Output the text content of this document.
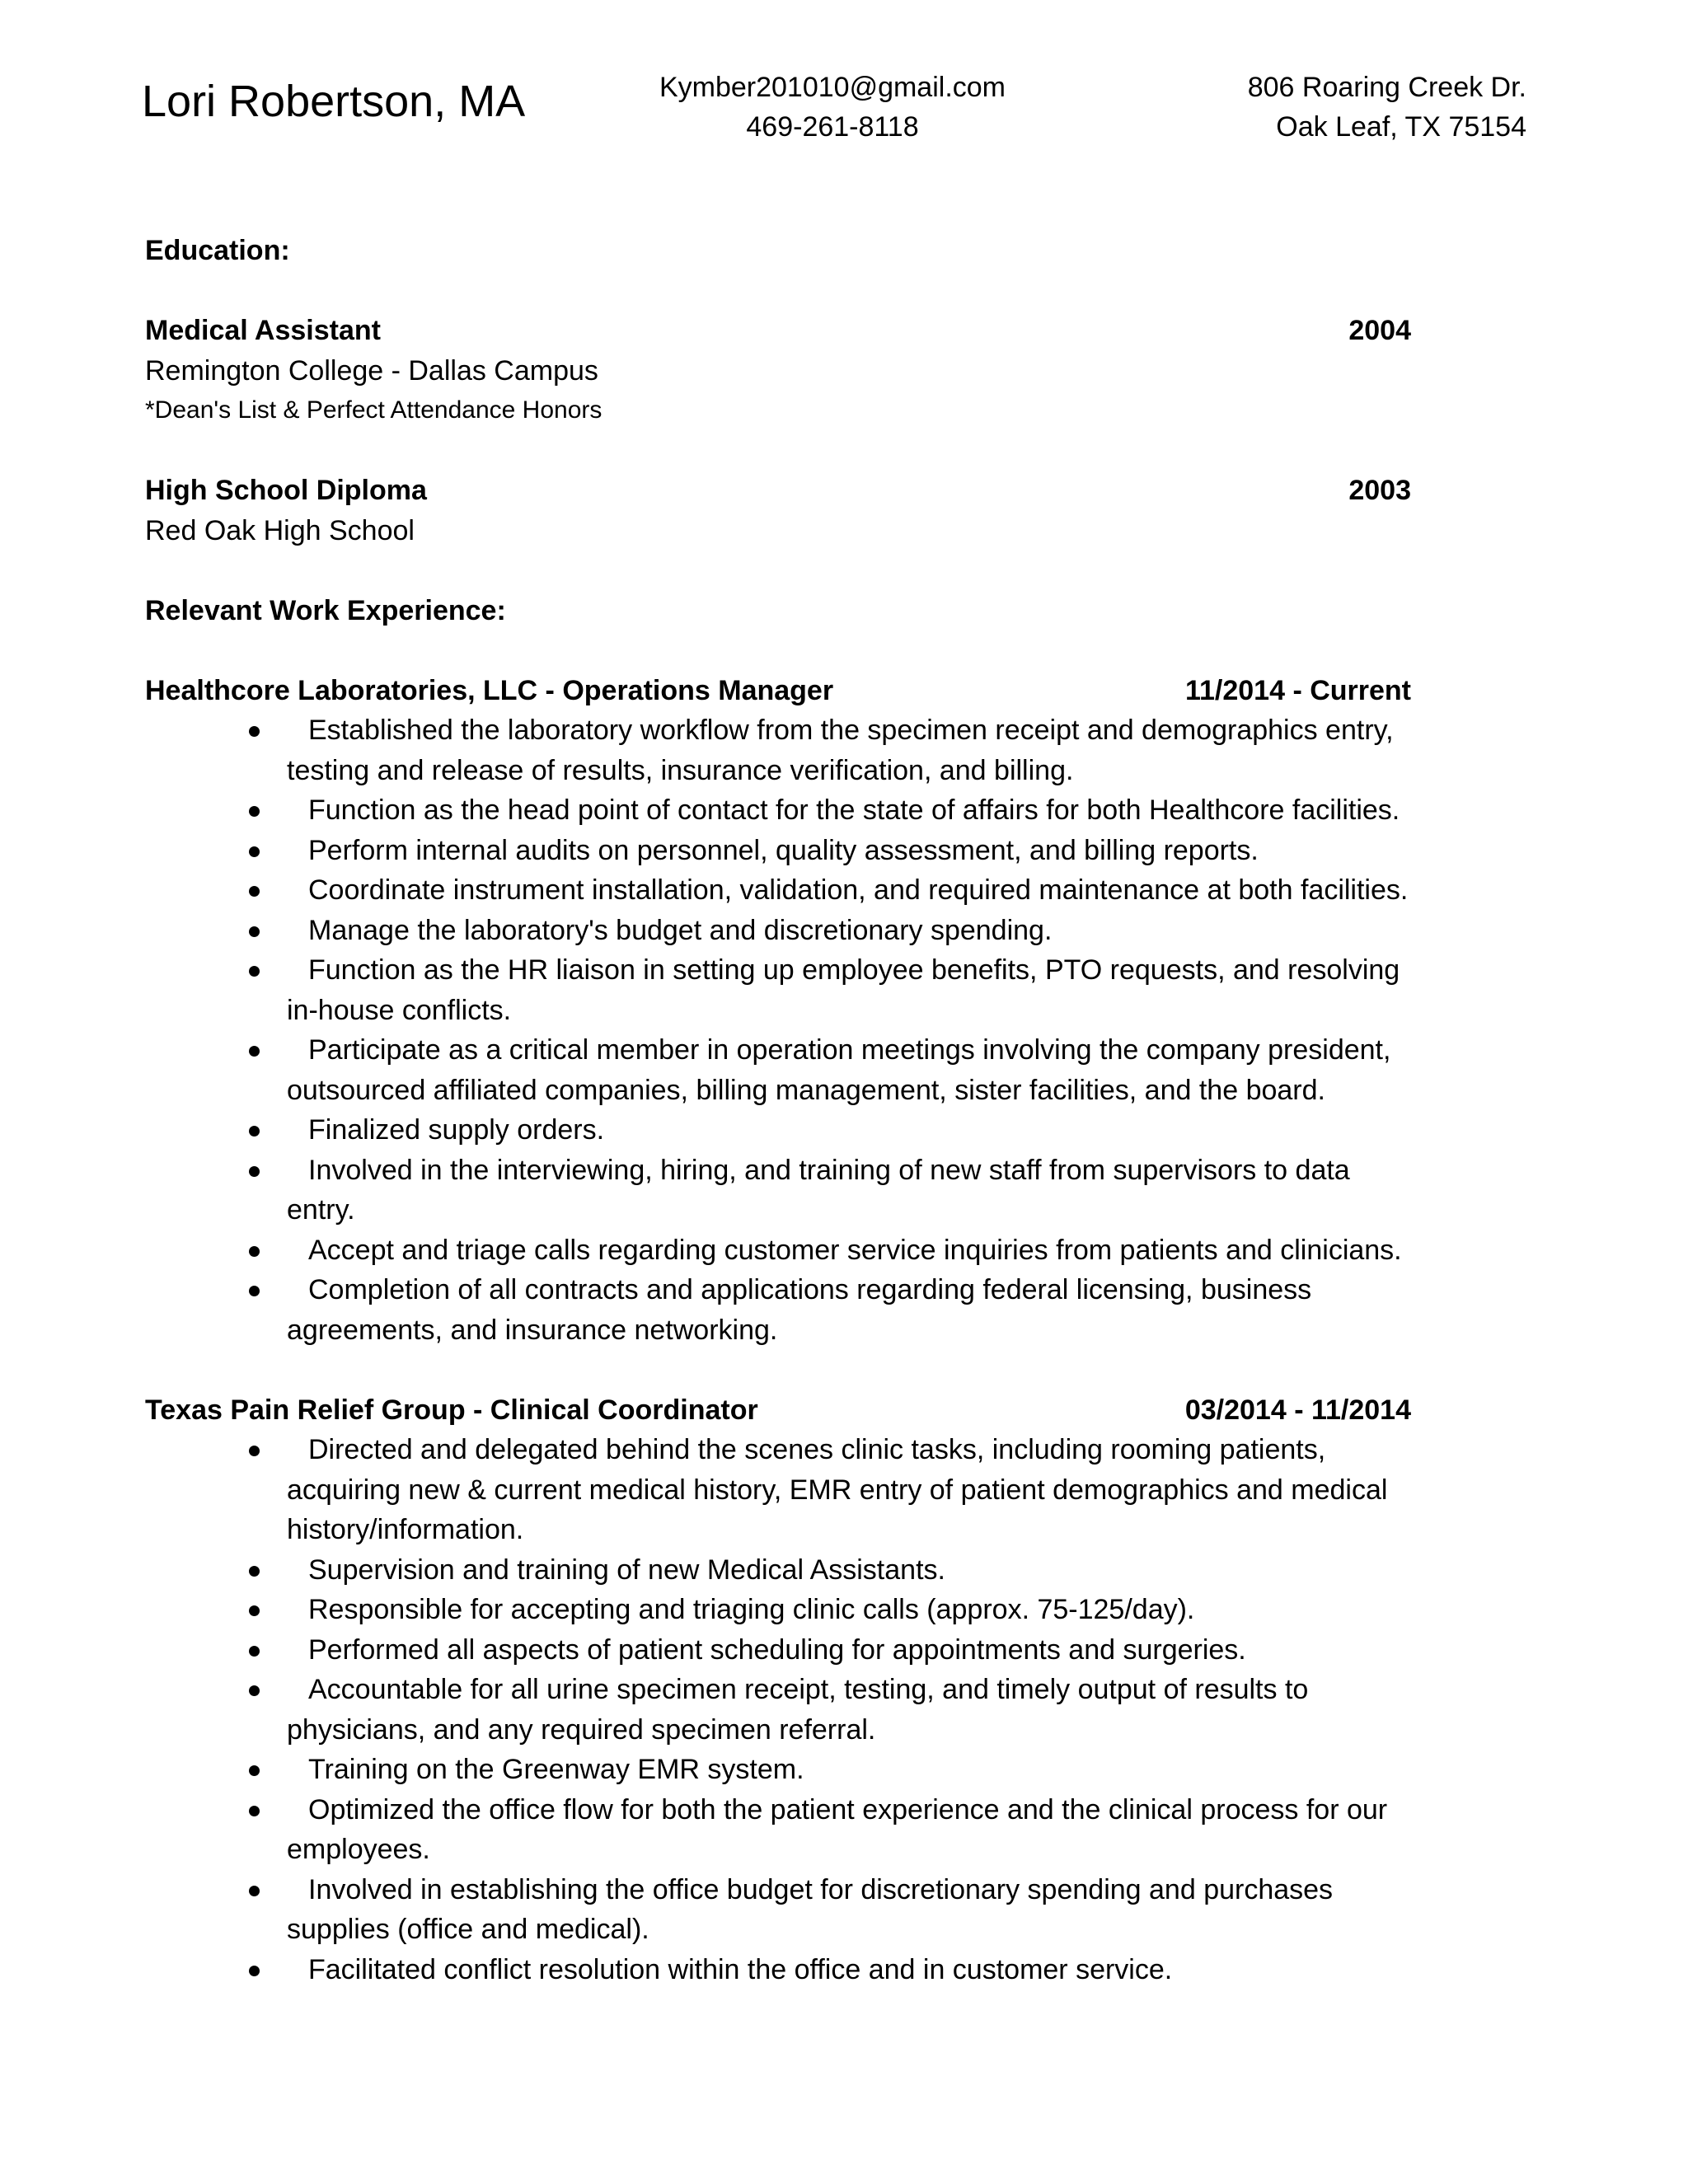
Lori Robertson, MA	Kymber201010@gmail.com
469-261-8118
806 Roaring Creek Dr.
Oak Leaf, TX 75154
Education:
Medical Assistant	2004
Remington College - Dallas Campus
*Dean's List & Perfect Attendance Honors
High School Diploma	2003
Red Oak High School
Relevant Work Experience:
Healthcore Laboratories, LLC - Operations Manager	11/2014 - Current
Established the laboratory workflow from the specimen receipt and demographics entry, testing and release of results, insurance verification, and billing.
Function as the head point of contact for the state of affairs for both Healthcore facilities.
Perform internal audits on personnel, quality assessment, and billing reports.
Coordinate instrument installation, validation, and required maintenance at both facilities.
Manage the laboratory's budget and discretionary spending.
Function as the HR liaison in setting up employee benefits, PTO requests, and resolving in-house conflicts.
Participate as a critical member in operation meetings involving the company president, outsourced affiliated companies, billing management, sister facilities, and the board.
Finalized supply orders.
Involved in the interviewing, hiring, and training of new staff from supervisors to data entry.
Accept and triage calls regarding customer service inquiries from patients and clinicians.
Completion of all contracts and applications regarding federal licensing, business agreements, and insurance networking.
Texas Pain Relief Group - Clinical Coordinator	03/2014 - 11/2014
Directed and delegated behind the scenes clinic tasks, including rooming patients, acquiring new & current medical history, EMR entry of patient demographics and medical history/information.
Supervision and training of new Medical Assistants.
Responsible for accepting and triaging clinic calls (approx. 75-125/day).
Performed all aspects of patient scheduling for appointments and surgeries.
Accountable for all urine specimen receipt, testing, and timely output of results to physicians, and any required specimen referral.
Training on the Greenway EMR system.
Optimized the office flow for both the patient experience and the clinical process for our employees.
Involved in establishing the office budget for discretionary spending and purchases supplies (office and medical).
Facilitated conflict resolution within the office and in customer service.
